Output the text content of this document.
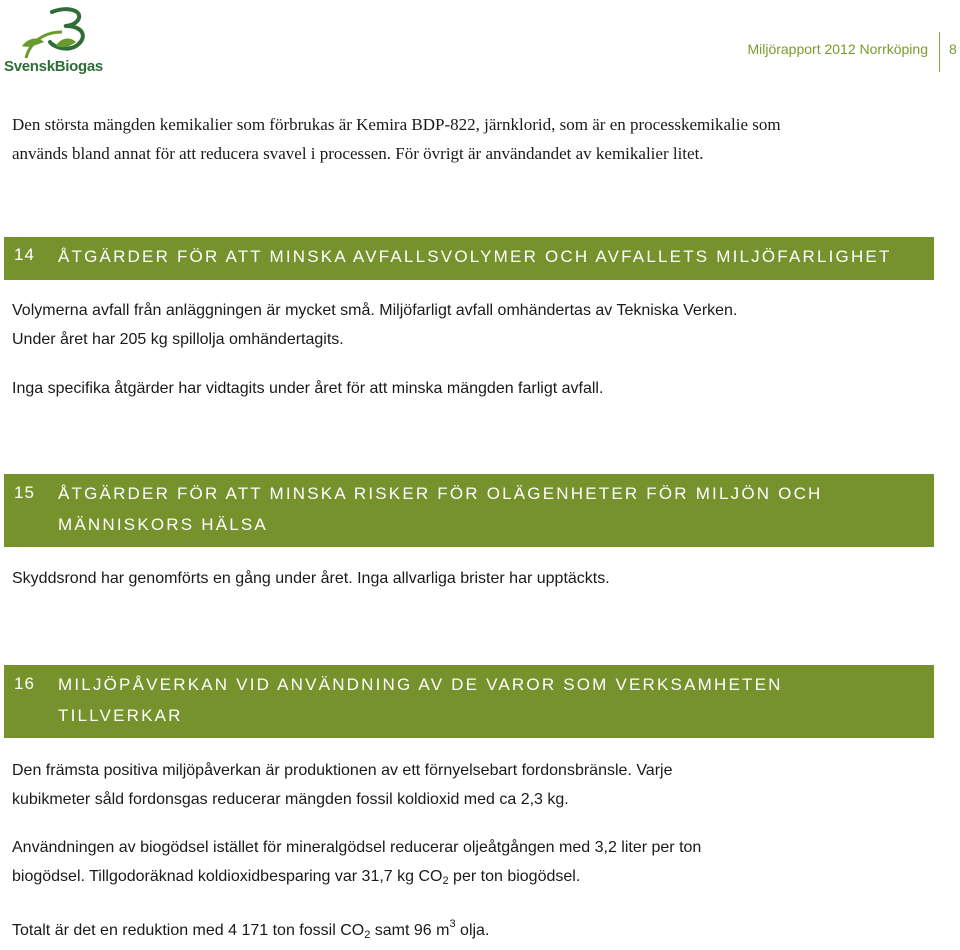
SvenskBiogas
Miljörapport 2012 Norrköping 8
Den största mängden kemikalier som förbrukas är Kemira BDP-822, järnklorid, som är en processkemikalie som
används bland annat för att reducera svavel i processen. För övrigt är användandet av kemikalier litet.
14 ÅTGÄRDER FÖR ATT MINSKA AVFALLSVOLYMER OCH AVFALLETS MILJÖFARLIGHET
Volymerna avfall från anläggningen är mycket små. Miljöfarligt avfall omhändertas av Tekniska Verken.
Under året har 205 kg spillolja omhändertagits.
Inga specifika åtgärder har vidtagits under året för att minska mängden farligt avfall.
15 ÅTGÄRDER FÖR ATT MINSKA RISKER FÖR OLÄGENHETER FÖR MILJÖN OCH
MÄNNISKORS HÄLSA
Skyddsrond har genomförts en gång under året. Inga allvarliga brister har upptäckts.
16 MILJÖPÅVERKAN VID ANVÄNDNING AV DE VAROR SOM VERKSAMHETEN
TILLVERKAR
Den främsta positiva miljöpåverkan är produktionen av ett förnyelsebart fordonsbränsle. Varje
kubikmeter såld fordonsgas reducerar mängden fossil koldioxid med ca 2,3 kg.
Användningen av biogödsel istället för mineralgödsel reducerar oljeåtgången med 3,2 liter per ton
biogödsel. Tillgodoräknad koldioxidbesparing var 31,7 kg $CO_2$ per ton biogödsel.
Totalt är det en reduktion med 4 171 ton fossil $CO_2$ samt 96 $m^3$ olja.
